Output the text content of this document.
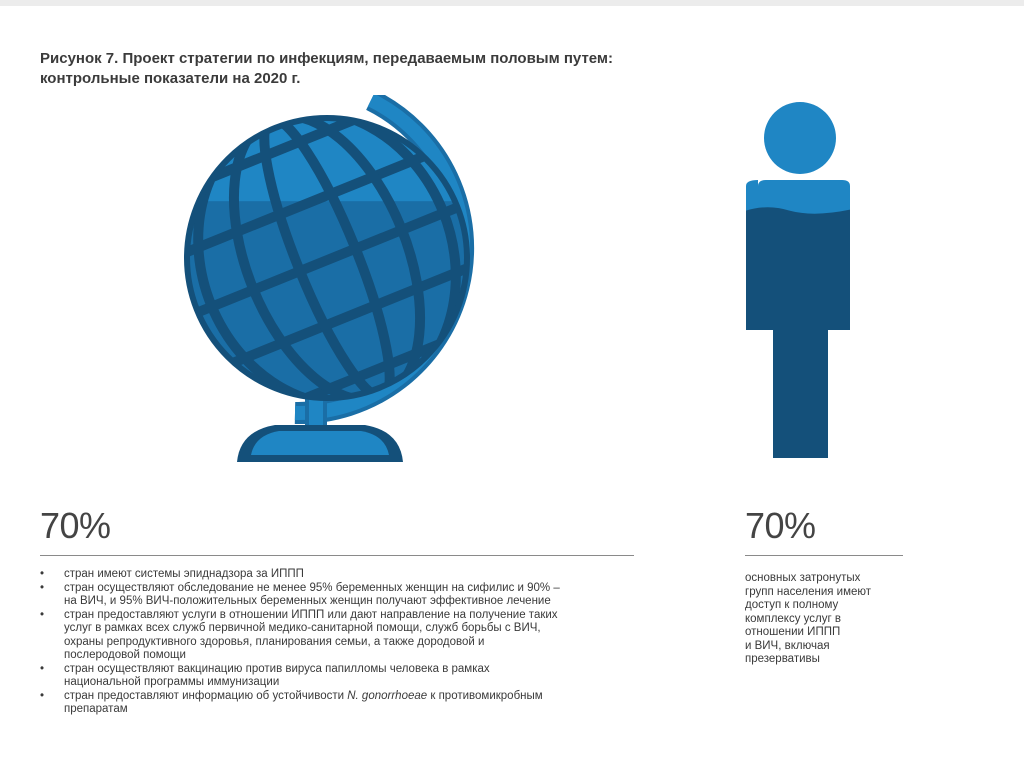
Рисунок 7. Проект стратегии по инфекциям, передаваемым половым путем:
контрольные показатели на 2020 г.
70%
• стран имеют системы эпиднадзора за ИППП
• стран осуществляют обследование не менее 95% беременных женщин на сифилис и 90% –
на ВИЧ, и 95% ВИЧ-положительных беременных женщин получают эффективное лечение
• стран предоставляют услуги в отношении ИППП или дают направление на получение таких
услуг в рамках всех служб первичной медико-санитарной помощи, служб борьбы с ВИЧ,
охраны репродуктивного здоровья, планирования семьи, а также дородовой и
послеродовой помощи
• стран осуществляют вакцинацию против вируса папилломы человека в рамках
национальной программы иммунизации
• стран предоставляют информацию об устойчивости N. gonorrhoeae к противомикробным
препаратам
70%
основных затронутых
групп населения имеют
доступ к полному
комплексу услуг в
отношении ИППП
и ВИЧ, включая
презервативы
